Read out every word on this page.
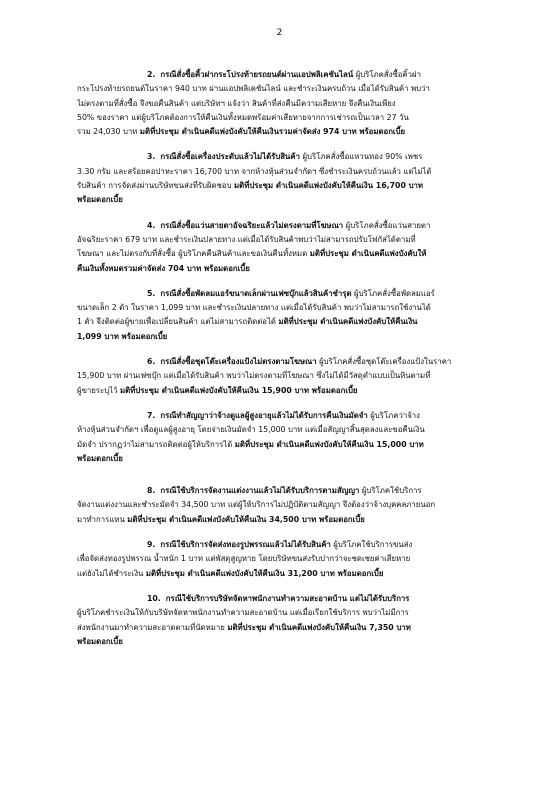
2
2. กรณีสั่งซื้อคิ้วฝากระโปรงท้ายรถยนต์ผ่านแอปพลิเคชันไลน์ ผู้บริโภคสั่งซื้อคิ้วฝา
กระโปรงท้ายรถยนต์ในราคา 940 บาท ผ่านแอปพลิเคชันไลน์ และชำระเงินครบถ้วน เมื่อได้รับสินค้า พบว่า
ไม่ตรงตามที่สั่งซื้อ จึงขอคืนสินค้า แต่บริษัทฯ แจ้งว่า สินค้าที่ส่งคืนมีความเสียหาย จึงคืนเงินเพียง
50% ของราคา แต่ผู้บริโภคต้องการให้คืนเงินทั้งหมดพร้อมค่าเสียหายจากการเช่ารถเป็นเวลา 27 วัน
รวม 24,030 บาท มติที่ประชุม ดำเนินคดีแพ่งบังคับให้คืนเงินรวมค่าจัดส่ง 974 บาท พร้อมดอกเบี้ย
3. กรณีสั่งซื้อเครื่องประดับแล้วไม่ได้รับสินค้า ผู้บริโภคสั่งซื้อแหวนทอง 90% เพชร
3.30 กรัม และสร้อยคอปาหะราคา 16,700 บาท จากห้างหุ้นส่วนจำกัดฯ ซึ่งชำระเงินครบถ้วนแล้ว แต่ไม่ได้
รับสินค้า การจัดส่งผ่านบริษัทขนส่งที่รับผิดชอบ มติที่ประชุม ดำเนินคดีแพ่งบังคับให้คืนเงิน 16,700 บาท
พร้อมดอกเบี้ย
4. กรณีสั่งซื้อแว่นสายตาอัจฉริยะแล้วไม่ตรงตามที่โฆษณา ผู้บริโภคสั่งซื้อแว่นสายตา
อัจฉริยะราคา 679 บาท และชำระเงินปลายทาง แต่เมื่อได้รับสินค้าพบว่าไม่สามารถปรับโฟกัสได้ตามที่
โฆษณา และไม่ตรงกับที่สั่งซื้อ ผู้บริโภคคืนสินค้าและขอเงินคืนทั้งหมด มติที่ประชุม ดำเนินคดีแพ่งบังคับให้
คืนเงินทั้งหมดรวมค่าจัดส่ง 704 บาท พร้อมดอกเบี้ย
5. กรณีสั่งซื้อพัดลมแอร์ขนาดเล็กผ่านเฟซบุ๊กแล้วสินค้าชำรุด ผู้บริโภคสั่งซื้อพัดลมแอร์
ขนาดเล็ก 2 ตัว ในราคา 1,099 บาท และชำระเงินปลายทาง แต่เมื่อได้รับสินค้า พบว่าไม่สามารถใช้งานได้
1 ตัว จึงติดต่อผู้ขายเพื่อเปลี่ยนสินค้า แต่ไม่สามารถติดต่อได้ มติที่ประชุม ดำเนินคดีแพ่งบังคับให้คืนเงิน
1,099 บาท พร้อมดอกเบี้ย
6. กรณีสั่งซื้อชุดโต๊ะเครื่องแป้งไม่ตรงตามโฆษณา ผู้บริโภคสั่งซื้อชุดโต๊ะเครื่องแป้งในราคา
15,900 บาท ผ่านเฟซบุ๊ก แต่เมื่อได้รับสินค้า พบว่าไม่ตรงตามที่โฆษณา ซึ่งไม่ได้มีวัสดุตำแบบเป็นหินตามที่
ผู้ขายระบุไว้ มติที่ประชุม ดำเนินคดีแพ่งบังคับให้คืนเงิน 15,900 บาท พร้อมดอกเบี้ย
7. กรณีทำสัญญาว่าจ้างดูแลผู้สูงอายุแล้วไม่ได้รับการคืนเงินมัดจำ ผู้บริโภคว่าจ้าง
ห้างหุ้นส่วนจำกัดฯ เพื่อดูแลผู้สูงอายุ โดยจ่ายเงินมัดจำ 15,000 บาท แต่เมื่อสัญญาสิ้นสุดลงและขอคืนเงิน
มัดจำ ปรากฏว่าไม่สามารถติดต่อผู้ให้บริการได้ มติที่ประชุม ดำเนินคดีแพ่งบังคับให้คืนเงิน 15,000 บาท
พร้อมดอกเบี้ย
8. กรณีใช้บริการจัดงานแต่งงานแล้วไม่ได้รับบริการตามสัญญา ผู้บริโภคใช้บริการ
จัดงานแต่งงานและชำระมัดจำ 34,500 บาท แต่ผู้ให้บริการไม่ปฏิบัติตามสัญญา จึงต้องว่าจ้างบุคคลภายนอก
มาทำการแทน มติที่ประชุม ดำเนินคดีแพ่งบังคับให้คืนเงิน 34,500 บาท พร้อมดอกเบี้ย
9. กรณีใช้บริการจัดส่งทองรูปพรรณแล้วไม่ได้รับสินค้า ผู้บริโภคใช้บริการขนส่ง
เพื่อจัดส่งทองรูปพรรณ น้ำหนัก 1 บาท แต่พัสดุสูญหาย โดยบริษัทขนส่งรับปากว่าจะชดเชยค่าเสียหาย
แต่ยังไม่ได้ชำระเงิน มติที่ประชุม ดำเนินคดีแพ่งบังคับให้คืนเงิน 31,200 บาท พร้อมดอกเบี้ย
10. กรณีใช้บริการบริษัทจัดหาพนักงานทำความสะอาดบ้าน แต่ไม่ได้รับบริการ
ผู้บริโภคชำระเงินให้กับบริษัทจัดหาพนักงานทำความสะอาดบ้าน แต่เมื่อเรียกใช้บริการ พบว่าไม่มีการ
ส่งพนักงานมาทำความสะอาดตามที่นัดหมาย มติที่ประชุม ดำเนินคดีแพ่งบังคับให้คืนเงิน 7,350 บาท
พร้อมดอกเบี้ย
